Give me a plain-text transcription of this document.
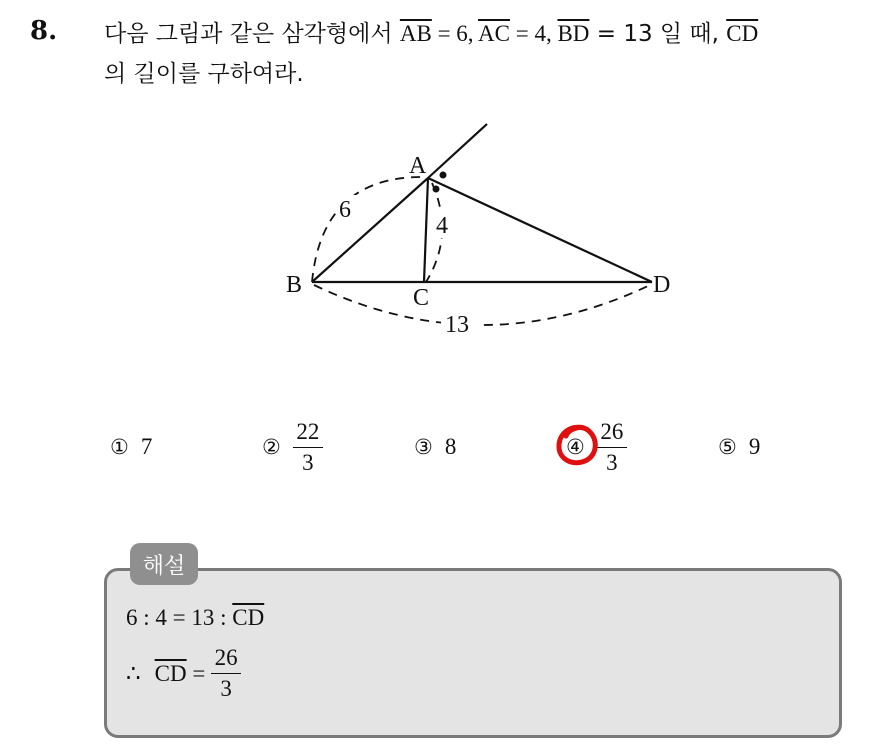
8. 다음 그림과 같은 삼각형에서 $\overline{AB} = 6$, $\overline{AC} = 4$, $\overline{BD} = 13$ 일 때, $\overline{CD}$
의 길이를 구하여라.
A
B	C	D
6
4
13
① 7	② $\frac{22}{3}$	③ 8	④ $\frac{26}{3}$	⑤ 9
해설
6 : 4 = 13 : $\overline{CD}$
∴ $\overline{CD} = \frac{26}{3}$
